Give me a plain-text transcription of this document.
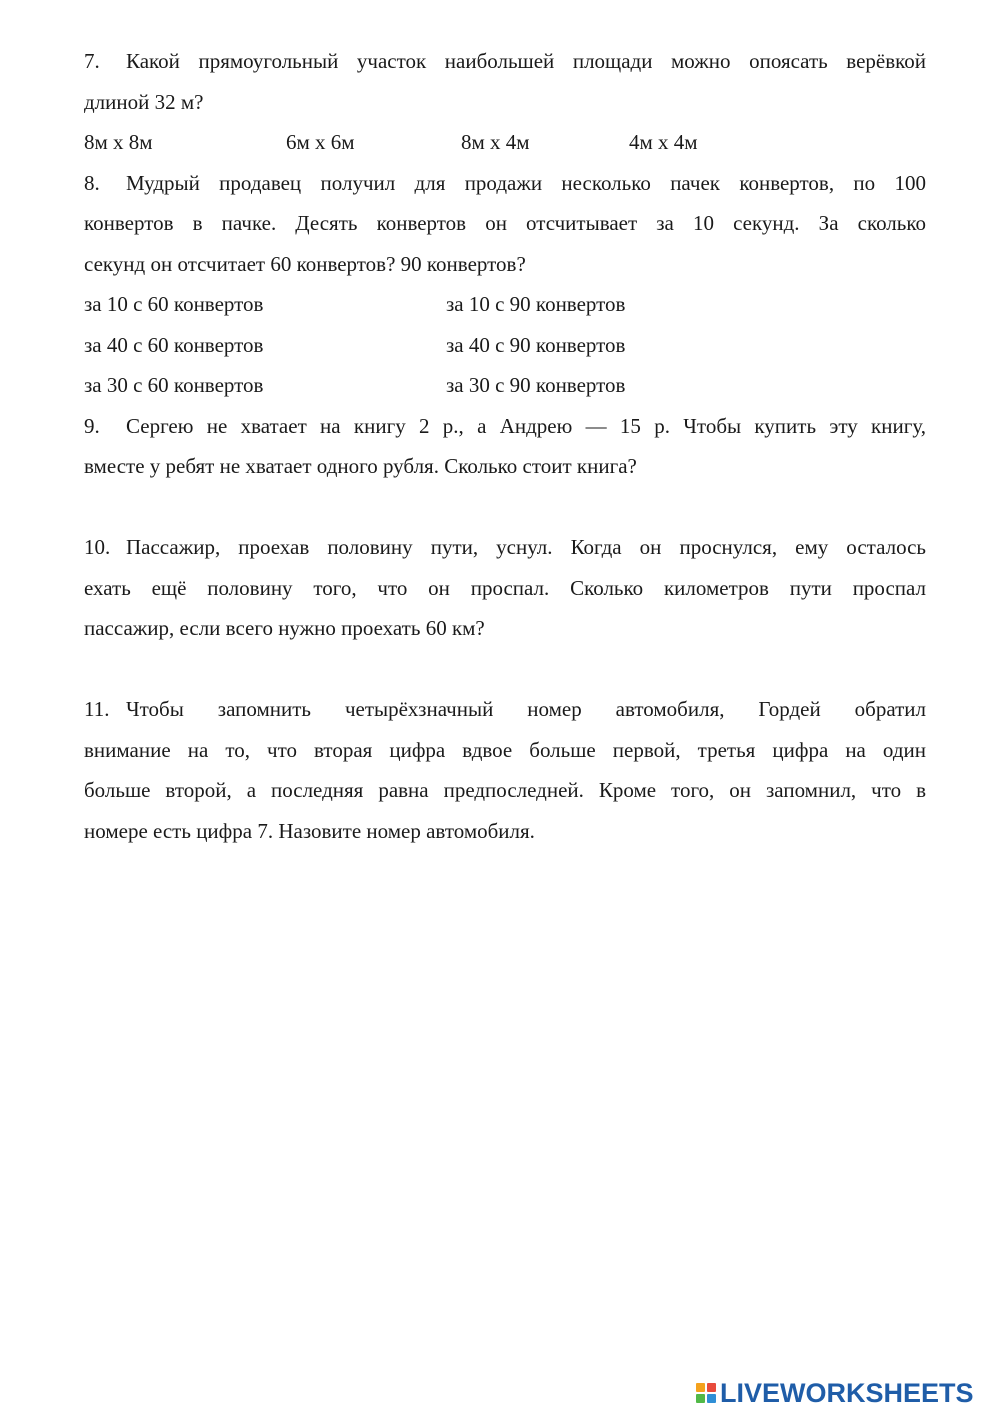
7.	Какой прямоугольный участок наибольшей площади можно опоясать верёвкой
длиной 32 м?
8м х 8м	6м х 6м	8м х 4м	4м х 4м
8.	Мудрый продавец получил для продажи несколько пачек конвертов, по 100
конвертов в пачке. Десять конвертов он отсчитывает за 10 секунд. За сколько
секунд он отсчитает 60 конвертов? 90 конвертов?
за 10 с 60 конвертов	за 10 с 90 конвертов
за 40 с 60 конвертов	за 40 с 90 конвертов
за 30 с 60 конвертов	за 30 с 90 конвертов
9.	Сергею не хватает на книгу 2 р., а Андрею — 15 р. Чтобы купить эту книгу,
вместе у ребят не хватает одного рубля. Сколько стоит книга?
10. Пассажир, проехав половину пути, уснул. Когда он проснулся, ему осталось
ехать ещё половину того, что он проспал. Сколько километров пути проспал
пассажир, если всего нужно проехать 60 км?
11. Чтобы запомнить четырёхзначный номер автомобиля, Гордей обратил
внимание на то, что вторая цифра вдвое больше первой, третья цифра на один
больше второй, а последняя равна предпоследней. Кроме того, он запомнил, что в
номере есть цифра 7. Назовите номер автомобиля.
LIVEWORKSHEETS
